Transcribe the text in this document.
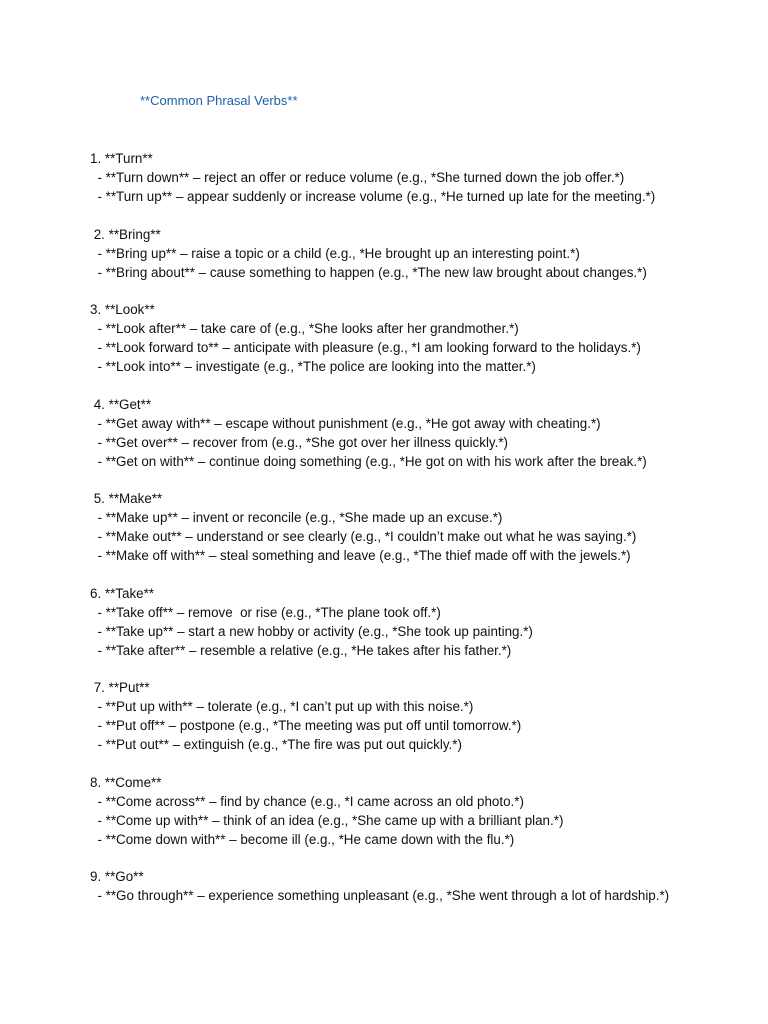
**Common Phrasal Verbs**
1. **Turn**
- **Turn down** – reject an offer or reduce volume (e.g., *She turned down the job offer.*)
- **Turn up** – appear suddenly or increase volume (e.g., *He turned up late for the meeting.*)
2. **Bring**
- **Bring up** – raise a topic or a child (e.g., *He brought up an interesting point.*)
- **Bring about** – cause something to happen (e.g., *The new law brought about changes.*)
3. **Look**
- **Look after** – take care of (e.g., *She looks after her grandmother.*)
- **Look forward to** – anticipate with pleasure (e.g., *I am looking forward to the holidays.*)
- **Look into** – investigate (e.g., *The police are looking into the matter.*)
4. **Get**
- **Get away with** – escape without punishment (e.g., *He got away with cheating.*)
- **Get over** – recover from (e.g., *She got over her illness quickly.*)
- **Get on with** – continue doing something (e.g., *He got on with his work after the break.*)
5. **Make**
- **Make up** – invent or reconcile (e.g., *She made up an excuse.*)
- **Make out** – understand or see clearly (e.g., *I couldn’t make out what he was saying.*)
- **Make off with** – steal something and leave (e.g., *The thief made off with the jewels.*)
6. **Take**
- **Take off** – remove  or rise (e.g., *The plane took off.*)
- **Take up** – start a new hobby or activity (e.g., *She took up painting.*)
- **Take after** – resemble a relative (e.g., *He takes after his father.*)
7. **Put**
- **Put up with** – tolerate (e.g., *I can’t put up with this noise.*)
- **Put off** – postpone (e.g., *The meeting was put off until tomorrow.*)
- **Put out** – extinguish (e.g., *The fire was put out quickly.*)
8. **Come**
- **Come across** – find by chance (e.g., *I came across an old photo.*)
- **Come up with** – think of an idea (e.g., *She came up with a brilliant plan.*)
- **Come down with** – become ill (e.g., *He came down with the flu.*)
9. **Go**
- **Go through** – experience something unpleasant (e.g., *She went through a lot of hardship.*)
